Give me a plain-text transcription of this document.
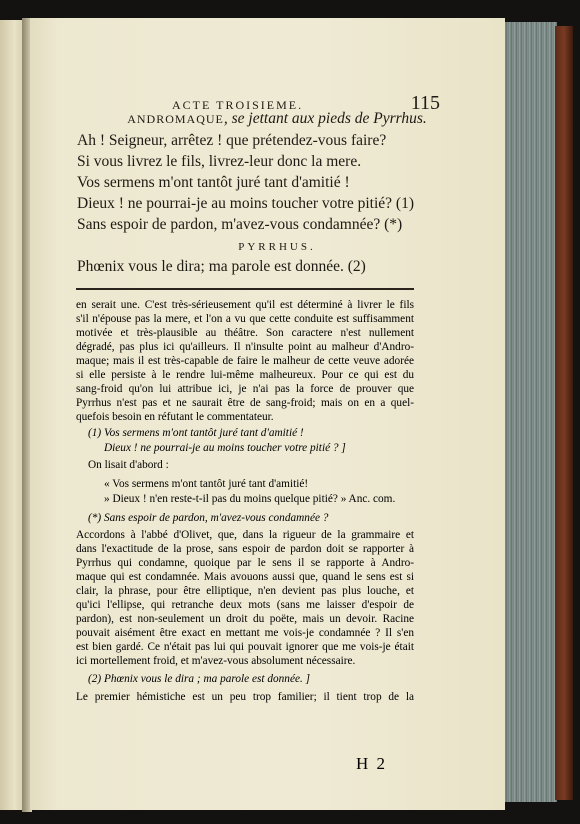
ACTE TROISIEME.	115
ANDROMAQUE, se jettant aux pieds de Pyrrhus.
Ah ! Seigneur, arrêtez ! que prétendez-vous faire?
Si vous livrez le fils, livrez-leur donc la mere.
Vos sermens m'ont tantôt juré tant d'amitié !
Dieux ! ne pourrai-je au moins toucher votre pitié? (1)
Sans espoir de pardon, m'avez-vous condamnée? (*)
PYRRHUS.
Phœnix vous le dira; ma parole est donnée. (2)
en serait une. C'est très-sérieusement qu'il est déterminé à livrer le fils
s'il n'épouse pas la mere, et l'on a vu que cette conduite est suffisamment
motivée et très-plausible au théâtre. Son caractere n'est nullement
dégradé, pas plus ici qu'ailleurs. Il n'insulte point au malheur d'Andro-
maque; mais il est très-capable de faire le malheur de cette veuve adorée
si elle persiste à le rendre lui-même malheureux. Pour ce qui est du
sang-froid qu'on lui attribue ici, je n'ai pas la force de prouver que
Pyrrhus n'est pas et ne saurait être de sang-froid; mais on en a quel-
quefois besoin en réfutant le commentateur.
(1) Vos sermens m'ont tantôt juré tant d'amitié !
Dieux ! ne pourrai-je au moins toucher votre pitié ? ]
On lisait d'abord :
« Vos sermens m'ont tantôt juré tant d'amitié!
» Dieux ! n'en reste-t-il pas du moins quelque pitié? » Anc. com.
(*) Sans espoir de pardon, m'avez-vous condamnée ?
Accordons à l'abbé d'Olivet, que, dans la rigueur de la grammaire et
dans l'exactitude de la prose, sans espoir de pardon doit se rapporter à
Pyrrhus qui condamne, quoique par le sens il se rapporte à Andro-
maque qui est condamnée. Mais avouons aussi que, quand le sens est si
clair, la phrase, pour être elliptique, n'en devient pas plus louche, et
qu'ici l'ellipse, qui retranche deux mots (sans me laisser d'espoir de
pardon), est non-seulement un droit du poëte, mais un devoir. Racine
pouvait aisément être exact en mettant me vois-je condamnée ? Il s'en
est bien gardé. Ce n'était pas lui qui pouvait ignorer que me vois-je était
ici mortellement froid, et m'avez-vous absolument nécessaire.
(2) Phœnix vous le dira ; ma parole est donnée. ]
Le premier hémistiche est un peu trop familier; il tient trop de la
H 2
